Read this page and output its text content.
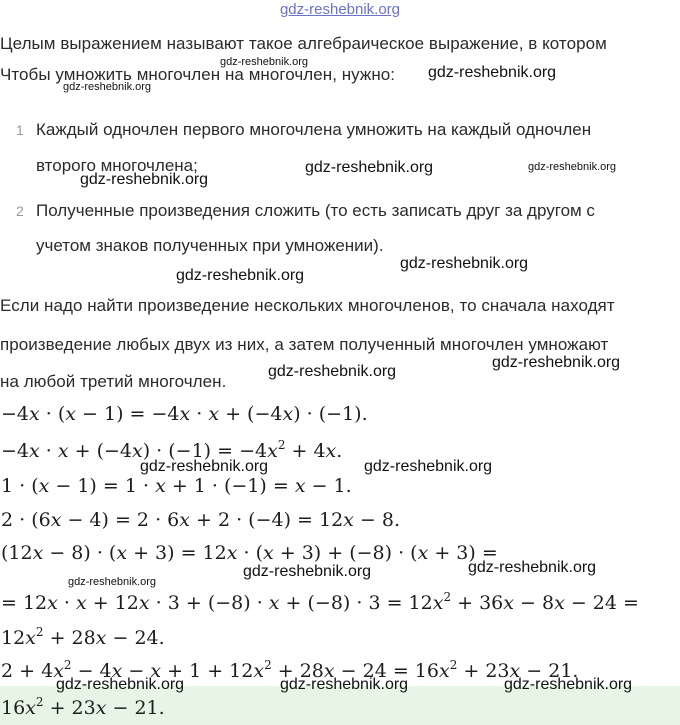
gdz-reshebnik.org
Целым выражением называют такое алгебраическое выражение, в котором
Чтобы умножить многочлен на многочлен, нужно:
1 Каждый одночлен первого многочлена умножить на каждый одночлен
второго многочлена;
2 Полученные произведения сложить (то есть записать друг за другом с
учетом знаков полученных при умножении).
Если надо найти произведение нескольких многочленов, то сначала находят
произведение любых двух из них, а затем полученный многочлен умножают
на любой третий многочлен.
−4x · (x − 1) = −4x · x + (−4x) · (−1).
$-4x \cdot x + (-4x) \cdot (-1) = -4x^2 + 4x$.
1 · (x − 1) = 1 · x + 1 · (−1) = x − 1.
2 · (6x − 4) = 2 · 6x + 2 · (−4) = 12x − 8.
(12x − 8) · (x + 3) = 12x · (x + 3) + (−8) · (x + 3) =
= $12x \cdot x + 12x \cdot 3 + (-8) \cdot x + (-8) \cdot 3 = 12x^2 + 36x - 8x - 24$ =
$12x^2 + 28x - 24$.
$2 + 4x^2 - 4x - x + 1 + 12x^2 + 28x - 24 = 16x^2 + 23x - 21$.
$16x^2 + 23x - 21$.
gdz-reshebnik.org
gdz-reshebnik.org
gdz-reshebnik.org
gdz-reshebnik.org	gdz-reshebnik.org
gdz-reshebnik.org
gdz-reshebnik.org
gdz-reshebnik.org
gdz-reshebnik.org
gdz-reshebnik.org
gdz-reshebnik.org	gdz-reshebnik.org
gdz-reshebnik.org
gdz-reshebnik.org
gdz-reshebnik.org
gdz-reshebnik.org	gdz-reshebnik.org	gdz-reshebnik.org
